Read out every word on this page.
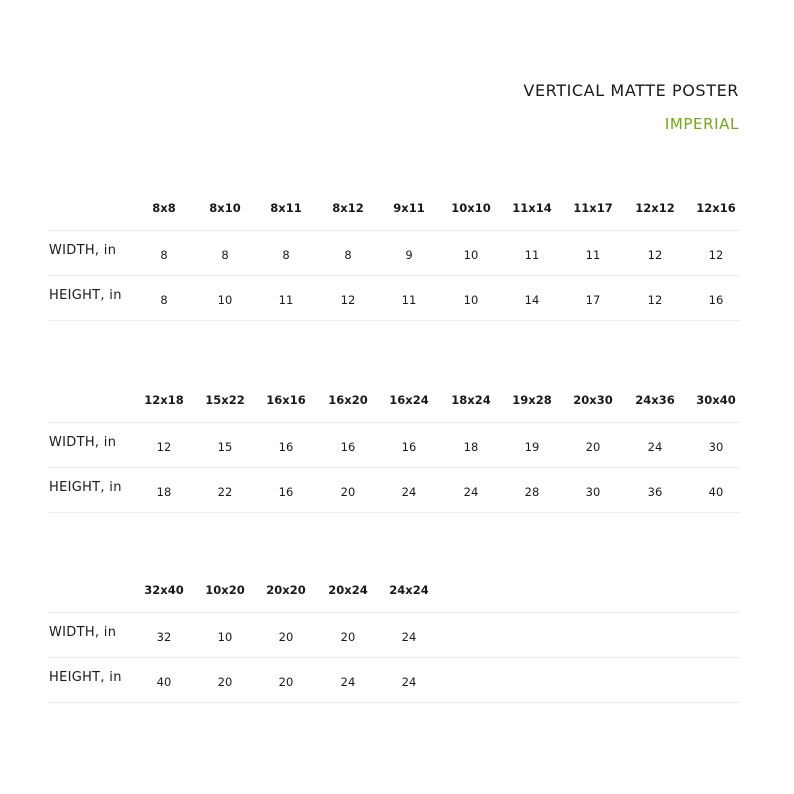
VERTICAL MATTE POSTER
IMPERIAL
8x8	8x10	8x11	8x12	9x11	10x10	11x14	11x17	12x12	12x16
WIDTH, in	8	8	8	8	9	10	11	11	12	12
HEIGHT, in	8	10	11	12	11	10	14	17	12	16
12x18	15x22	16x16	16x20	16x24	18x24	19x28	20x30	24x36	30x40
WIDTH, in	12	15	16	16	16	18	19	20	24	30
HEIGHT, in	18	22	16	20	24	24	28	30	36	40
32x40	10x20	20x20	20x24	24x24
WIDTH, in	32	10	20	20	24
HEIGHT, in	40	20	20	24	24
